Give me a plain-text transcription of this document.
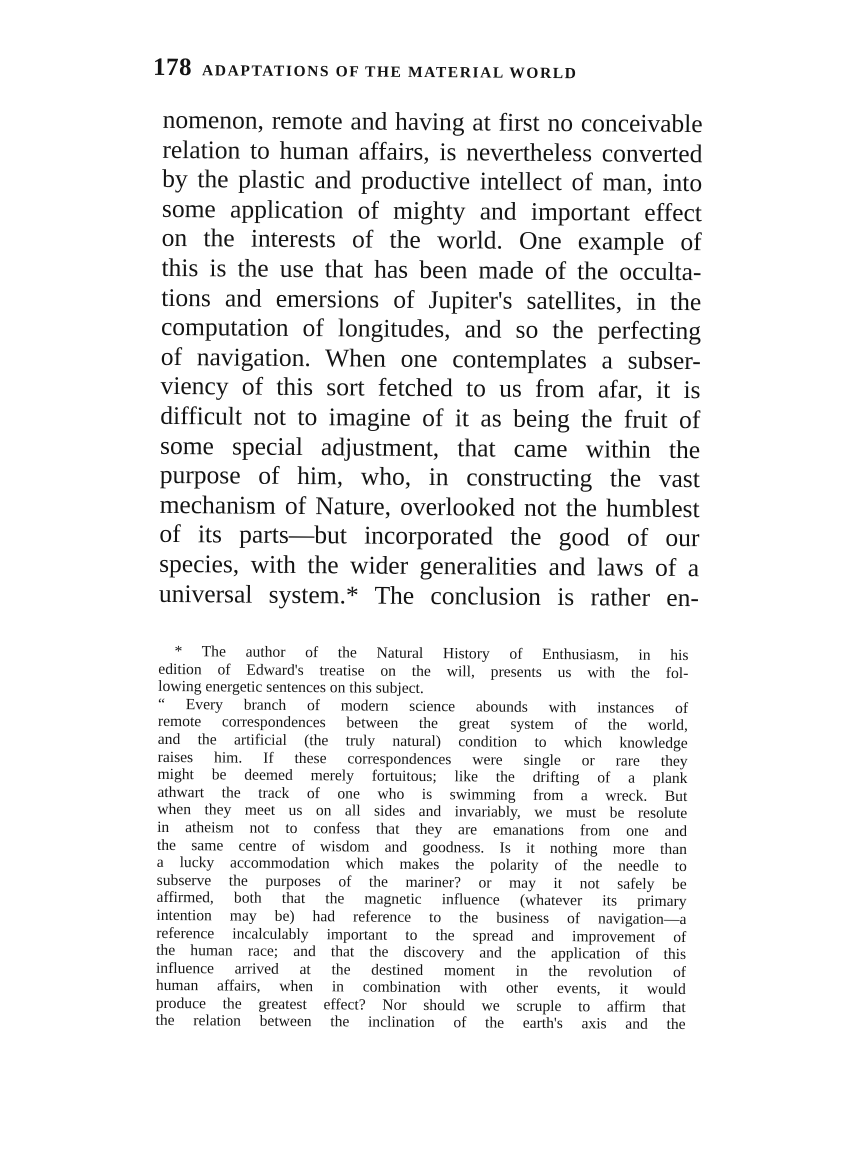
178 ADAPTATIONS OF THE MATERIAL WORLD
nomenon, remote and having at first no conceivable
relation to human affairs, is nevertheless converted
by the plastic and productive intellect of man, into
some application of mighty and important effect
on the interests of the world. One example of
this is the use that has been made of the occulta-
tions and emersions of Jupiter's satellites, in the
computation of longitudes, and so the perfecting
of navigation. When one contemplates a subser-
viency of this sort fetched to us from afar, it is
difficult not to imagine of it as being the fruit of
some special adjustment, that came within the
purpose of him, who, in constructing the vast
mechanism of Nature, overlooked not the humblest
of its parts—but incorporated the good of our
species, with the wider generalities and laws of a
universal system.* The conclusion is rather en-
* The author of the Natural History of Enthusiasm, in his
edition of Edward's treatise on the will, presents us with the fol-
lowing energetic sentences on this subject.
“ Every branch of modern science abounds with instances of
remote correspondences between the great system of the world,
and the artificial (the truly natural) condition to which knowledge
raises him. If these correspondences were single or rare they
might be deemed merely fortuitous; like the drifting of a plank
athwart the track of one who is swimming from a wreck. But
when they meet us on all sides and invariably, we must be resolute
in atheism not to confess that they are emanations from one and
the same centre of wisdom and goodness. Is it nothing more than
a lucky accommodation which makes the polarity of the needle to
subserve the purposes of the mariner? or may it not safely be
affirmed, both that the magnetic influence (whatever its primary
intention may be) had reference to the business of navigation—a
reference incalculably important to the spread and improvement of
the human race; and that the discovery and the application of this
influence arrived at the destined moment in the revolution of
human affairs, when in combination with other events, it would
produce the greatest effect? Nor should we scruple to affirm that
the relation between the inclination of the earth's axis and the
